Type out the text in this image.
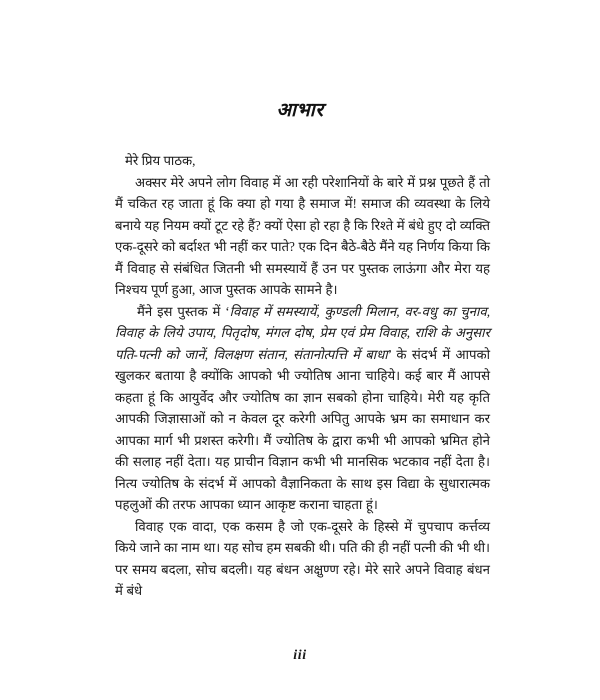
आभार
मेरे प्रिय पाठक,

अक्सर मेरे अपने लोग विवाह में आ रही परेशानियों के बारे में प्रश्न पूछते हैं तो मैं चकित रह जाता हूं कि क्या हो गया है समाज में! समाज की व्यवस्था के लिये बनाये यह नियम क्यों टूट रहे हैं? क्यों ऐसा हो रहा है कि रिश्ते में बंधे हुए दो व्यक्ति एक-दूसरे को बर्दाश्त भी नहीं कर पाते? एक दिन बैठे-बैठे मैंने यह निर्णय किया कि मैं विवाह से संबंधित जितनी भी समस्यायें हैं उन पर पुस्तक लाऊंगा और मेरा यह निश्चय पूर्ण हुआ, आज पुस्तक आपके सामने है।

मैंने इस पुस्तक में ‘विवाह में समस्यायें, कुण्डली मिलान, वर-वधु का चुनाव, विवाह के लिये उपाय, पितृदोष, मंगल दोष, प्रेम एवं प्रेम विवाह, राशि के अनुसार पति-पत्नी को जानें, विलक्षण संतान, संतानोत्पत्ति में बाधा’ के संदर्भ में आपको खुलकर बताया है क्योंकि आपको भी ज्योतिष आना चाहिये। कई बार मैं आपसे कहता हूं कि आयुर्वेद और ज्योतिष का ज्ञान सबको होना चाहिये। मेरी यह कृति आपकी जिज्ञासाओं को न केवल दूर करेगी अपितु आपके भ्रम का समाधान कर आपका मार्ग भी प्रशस्त करेगी। मैं ज्योतिष के द्वारा कभी भी आपको भ्रमित होने की सलाह नहीं देता। यह प्राचीन विज्ञान कभी भी मानसिक भटकाव नहीं देता है। नित्य ज्योतिष के संदर्भ में आपको वैज्ञानिकता के साथ इस विद्या के सुधारात्मक पहलुओं की तरफ आपका ध्यान आकृष्ट कराना चाहता हूं।

विवाह एक वादा, एक कसम है जो एक-दूसरे के हिस्से में चुपचाप कर्त्तव्य किये जाने का नाम था। यह सोच हम सबकी थी। पति की ही नहीं पत्नी की भी थी। पर समय बदला, सोच बदली। यह बंधन अक्षुण्ण रहे। मेरे सारे अपने विवाह बंधन में बंधे

iii
